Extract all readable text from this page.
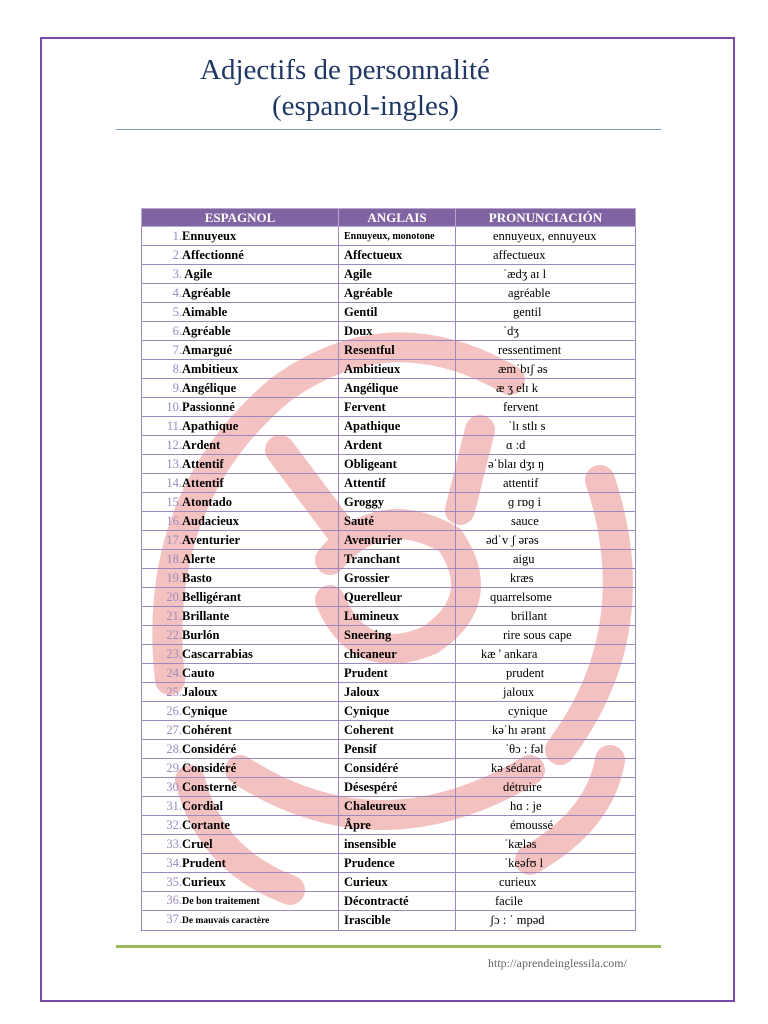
Adjectifs de personnalité
(espanol-ingles)
ESPAGNOL	ANGLAIS	PRONUNCIACIÓN
1.Ennuyeux	Ennuyeux, monotone	ennuyeux, ennuyeux
2.Affectionné	Affectueux	affectueux
3. Agile	Agile	ˈædʒ aɪ l
4.Agréable	Agréable	agréable
5.Aimable	Gentil	gentil
6.Agréable	Doux	ˈdʒ
7.Amargué	Resentful	ressentiment
8.Ambitieux	Ambitieux	æmˈbɪʃ əs
9.Angélique	Angélique	æ ʒ elɪ k
10.Passionné	Fervent	fervent
11.Apathique	Apathique	ˈlɪ stlɪ s
12.Ardent	Ardent	ɑ :d
13.Attentif	Obligeant	əˈblaɪ dʒɪ ŋ
14.Attentif	Attentif	attentif
15.Atontado	Groggy	ɡ rɒɡ i
16.Audacieux	Sauté	sauce
17.Aventurier	Aventurier	ədˈv ʃ ərəs
18.Alerte	Tranchant	aigu
19.Basto	Grossier	kræs
20.Belligérant	Querelleur	quarrelsome
21.Brillante	Lumineux	brillant
22.Burlón	Sneering	rire sous cape
23.Cascarrabias	chicaneur	kæ ' ankara
24.Cauto	Prudent	prudent
25.Jaloux	Jaloux	jaloux
26.Cynique	Cynique	cynique
27.Cohérent	Coherent	kəˈhɪ ərənt
28.Considéré	Pensif	ˈθɔ : fəl
29.Considéré	Considéré	kə sédarat
30.Consterné	Désespéré	détruire
31.Cordial	Chaleureux	hɑ : je
32.Cortante	Âpre	émoussé
33.Cruel	insensible	ˈkæləs
34.Prudent	Prudence	ˈkeəfʊ l
35.Curieux	Curieux	curieux
36.De bon traitement	Décontracté	facile
37.De mauvais caractère	Irascible	ʃɔ : ˈ mpəd
http://aprendeinglessila.com/
